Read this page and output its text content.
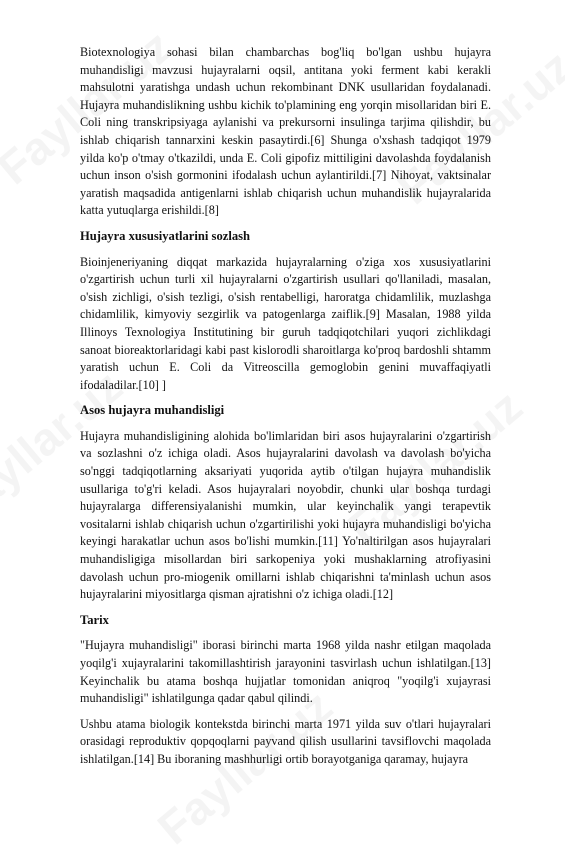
Biotexnologiya sohasi bilan chambarchas bog'liq bo'lgan ushbu hujayra muhandisligi mavzusi hujayralarni oqsil, antitana yoki ferment kabi kerakli mahsulotni yaratishga undash uchun rekombinant DNK usullaridan foydalanadi. Hujayra muhandislikning ushbu kichik to'plamining eng yorqin misollaridan biri E. Coli ning transkripsiyaga aylanishi va prekursorni insulinga tarjima qilishdir, bu ishlab chiqarish tannarxini keskin pasaytirdi.[6] Shunga o'xshash tadqiqot 1979 yilda ko'p o'tmay o'tkazildi, unda E. Coli gipofiz mittiligini davolashda foydalanish uchun inson o'sish gormonini ifodalash uchun aylantirildi.[7] Nihoyat, vaktsinalar yaratish maqsadida antigenlarni ishlab chiqarish uchun muhandislik hujayralarida katta yutuqlarga erishildi.[8]

Hujayra xususiyatlarini sozlash

Bioinjeneriyaning diqqat markazida hujayralarning o'ziga xos xususiyatlarini o'zgartirish uchun turli xil hujayralarni o'zgartirish usullari qo'llaniladi, masalan, o'sish zichligi, o'sish tezligi, o'sish rentabelligi, haroratga chidamlilik, muzlashga chidamlilik, kimyoviy sezgirlik va patogenlarga zaiflik.[9] Masalan, 1988 yilda Illinoys Texnologiya Institutining bir guruh tadqiqotchilari yuqori zichlikdagi sanoat bioreaktorlaridagi kabi past kislorodli sharoitlarga ko'proq bardoshli shtamm yaratish uchun E. Coli da Vitreoscilla gemoglobin genini muvaffaqiyatli ifodaladilar.[10] ]

Asos hujayra muhandisligi

Hujayra muhandisligining alohida bo'limlaridan biri asos hujayralarini o'zgartirish va sozlashni o'z ichiga oladi. Asos hujayralarini davolash va davolash bo'yicha so'nggi tadqiqotlarning aksariyati yuqorida aytib o'tilgan hujayra muhandislik usullariga to'g'ri keladi. Asos hujayralari noyobdir, chunki ular boshqa turdagi hujayralarga differensiyalanishi mumkin, ular keyinchalik yangi terapevtik vositalarni ishlab chiqarish uchun o'zgartirilishi yoki hujayra muhandisligi bo'yicha keyingi harakatlar uchun asos bo'lishi mumkin.[11] Yo'naltirilgan asos hujayralari muhandisligiga misollardan biri sarkopeniya yoki mushaklarning atrofiyasini davolash uchun pro-miogenik omillarni ishlab chiqarishni ta'minlash uchun asos hujayralarini miyositlarga qisman ajratishni o'z ichiga oladi.[12]

Tarix

"Hujayra muhandisligi" iborasi birinchi marta 1968 yilda nashr etilgan maqolada yoqilg'i xujayralarini takomillashtirish jarayonini tasvirlash uchun ishlatilgan.[13] Keyinchalik bu atama boshqa hujjatlar tomonidan aniqroq "yoqilg'i xujayrasi muhandisligi" ishlatilgunga qadar qabul qilindi.

Ushbu atama biologik kontekstda birinchi marta 1971 yilda suv o'tlari hujayralari orasidagi reproduktiv qopqoqlarni payvand qilish usullarini tavsiflovchi maqolada ishlatilgan.[14] Bu iboraning mashhurligi ortib borayotganiga qaramay, hujayra
